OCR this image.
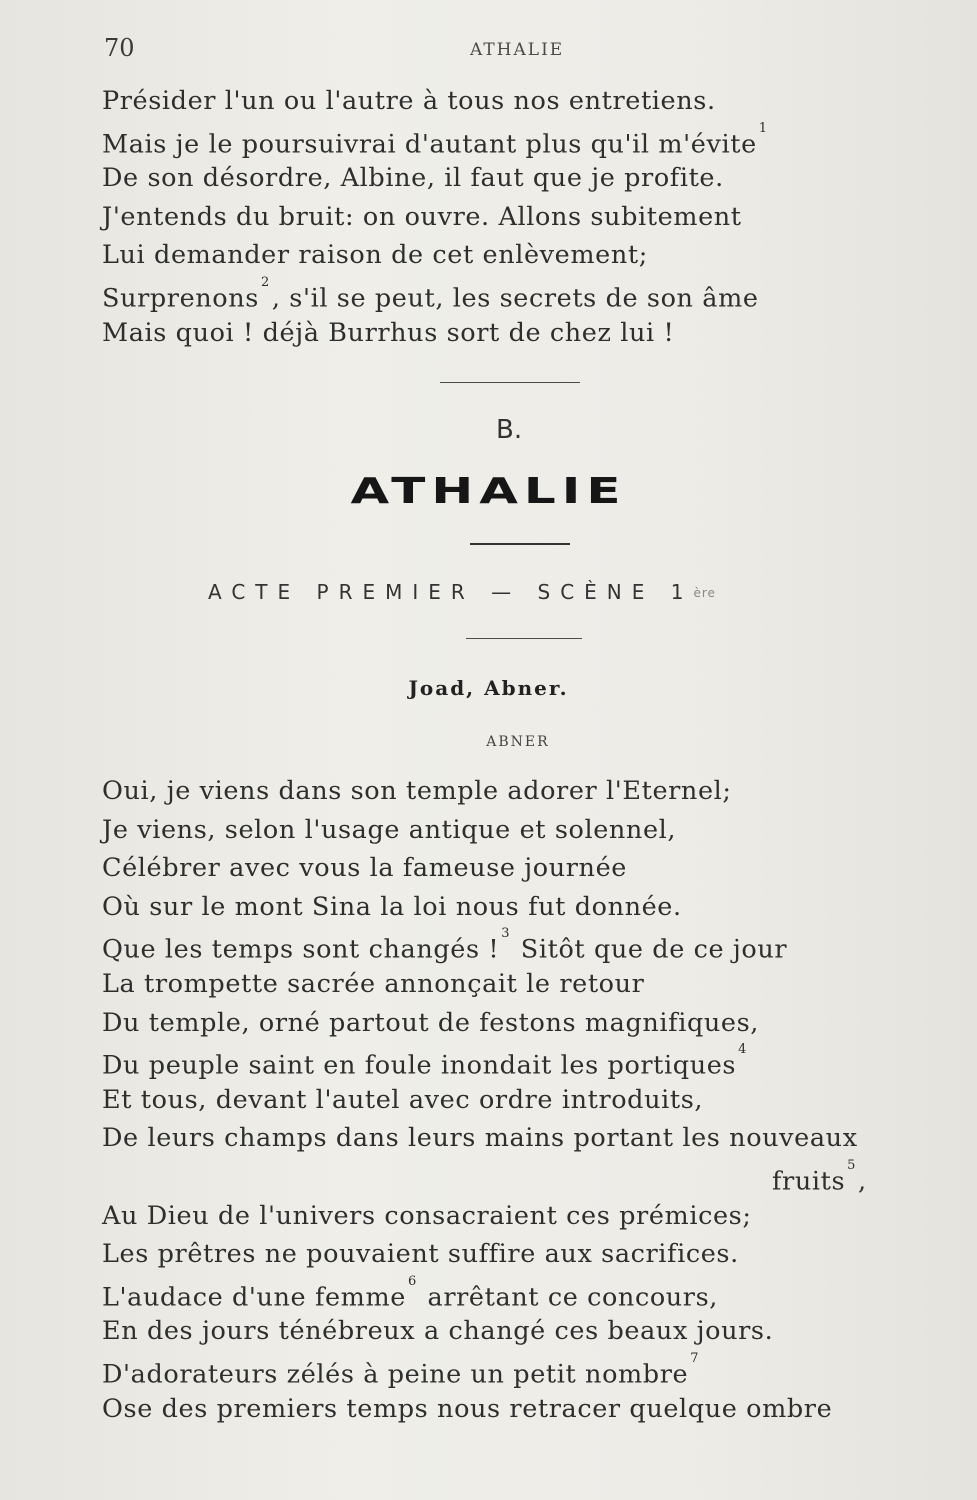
70	ATHALIE
Présider l'un ou l'autre à tous nos entretiens.
Mais je le poursuivrai d'autant plus qu'il m'évite$^1$
De son désordre, Albine, il faut que je profite.
J'entends du bruit: on ouvre. Allons subitement
Lui demander raison de cet enlèvement;
Surprenons$^2$, s'il se peut, les secrets de son âme
Mais quoi ! déjà Burrhus sort de chez lui !
B.
ATHALIE
ACTE PREMIER — SCÈNE 1ère
Joad, Abner.
ABNER
Oui, je viens dans son temple adorer l'Eternel;
Je viens, selon l'usage antique et solennel,
Célébrer avec vous la fameuse journée
Où sur le mont Sina la loi nous fut donnée.
Que les temps sont changés !$^3$ Sitôt que de ce jour
La trompette sacrée annonçait le retour
Du temple, orné partout de festons magnifiques,
Du peuple saint en foule inondait les portiques$^4$
Et tous, devant l'autel avec ordre introduits,
De leurs champs dans leurs mains portant les nouveaux
fruits$^5$,
Au Dieu de l'univers consacraient ces prémices;
Les prêtres ne pouvaient suffire aux sacrifices.
L'audace d'une femme$^6$ arrêtant ce concours,
En des jours ténébreux a changé ces beaux jours.
D'adorateurs zélés à peine un petit nombre$^7$
Ose des premiers temps nous retracer quelque ombre
